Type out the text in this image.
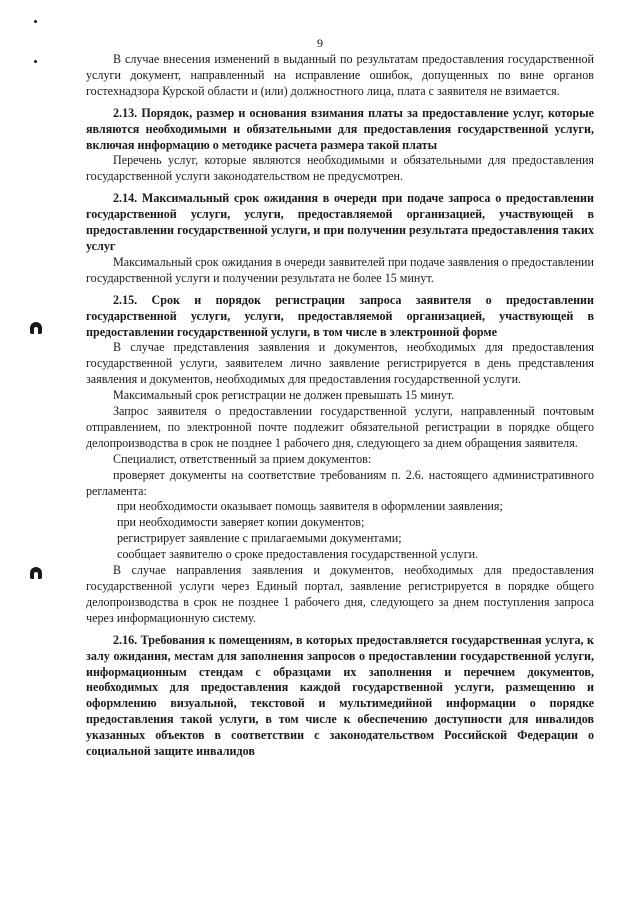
9

В случае внесения изменений в выданный по результатам предоставления государственной услуги документ, направленный на исправление ошибок, допущенных по вине органов гостехнадзора Курской области и (или) должностного лица, плата с заявителя не взимается.

2.13. Порядок, размер и основания взимания платы за предоставление услуг, которые являются необходимыми и обязательными для предоставления государственной услуги, включая информацию о методике расчета размера такой платы

Перечень услуг, которые являются необходимыми и обязательными для предоставления государственной услуги законодательством не предусмотрен.

2.14. Максимальный срок ожидания в очереди при подаче запроса о предоставлении государственной услуги, услуги, предоставляемой организацией, участвующей в предоставлении государственной услуги, и при получении результата предоставления таких услуг

Максимальный срок ожидания в очереди заявителей при подаче заявления о предоставлении государственной услуги и получении результата не более 15 минут.

2.15. Срок и порядок регистрации запроса заявителя о предоставлении государственной услуги, услуги, предоставляемой организацией, участвующей в предоставлении государственной услуги, в том числе в электронной форме

В случае представления заявления и документов, необходимых для предоставления государственной услуги, заявителем лично заявление регистрируется в день представления заявления и документов, необходимых для предоставления государственной услуги.

Максимальный срок регистрации не должен превышать 15 минут.

Запрос заявителя о предоставлении государственной услуги, направленный почтовым отправлением, по электронной почте подлежит обязательной регистрации в порядке общего делопроизводства в срок не позднее 1 рабочего дня, следующего за днем обращения заявителя.

Специалист, ответственный за прием документов:

проверяет документы на соответствие требованиям п. 2.6. настоящего административного регламента:

при необходимости оказывает помощь заявителя в оформлении заявления;

при необходимости заверяет копии документов;

регистрирует заявление с прилагаемыми документами;

сообщает заявителю о сроке предоставления государственной услуги.

В случае направления заявления и документов, необходимых для предоставления государственной услуги через Единый портал, заявление регистрируется в порядке общего делопроизводства в срок не позднее 1 рабочего дня, следующего за днем поступления запроса через информационную систему.

2.16. Требования к помещениям, в которых предоставляется государственная услуга, к залу ожидания, местам для заполнения запросов о предоставлении государственной услуги, информационным стендам с образцами их заполнения и перечнем документов, необходимых для предоставления каждой государственной услуги, размещению и оформлению визуальной, текстовой и мультимедийной информации о порядке предоставления такой услуги, в том числе к обеспечению доступности для инвалидов указанных объектов в соответствии с законодательством Российской Федерации о социальной защите инвалидов
